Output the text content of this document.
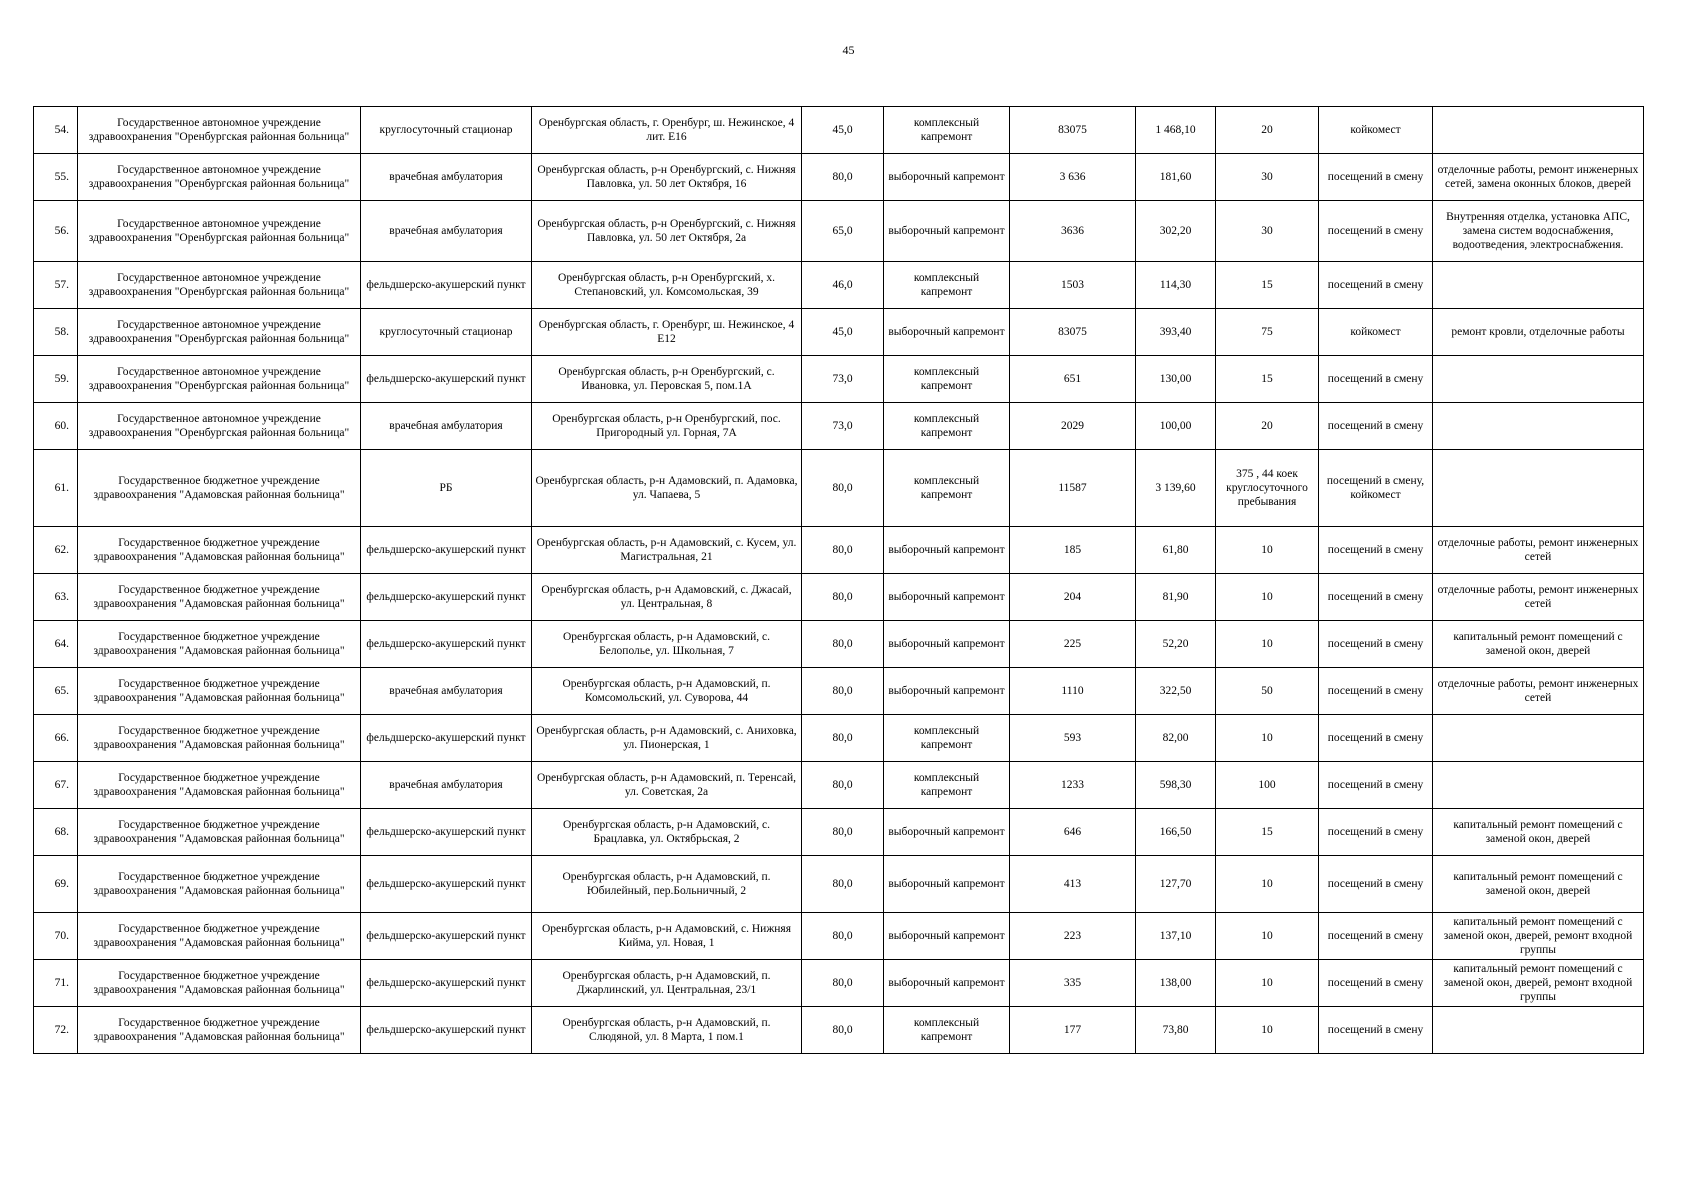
45
54.	Государственное автономное учреждение здравоохранения "Оренбургская районная больница"	круглосуточный стационар	Оренбургская область, г. Оренбург, ш. Нежинское, 4 лит. Е16	45,0	комплексный капремонт	83075	1 468,10	20	койкомест	
55.	Государственное автономное учреждение здравоохранения "Оренбургская районная больница"	врачебная амбулатория	Оренбургская область, р-н Оренбургский, с. Нижняя Павловка, ул. 50 лет Октября, 16	80,0	выборочный капремонт	3 636	181,60	30	посещений в смену	отделочные работы, ремонт инженерных сетей, замена оконных блоков, дверей
56.	Государственное автономное учреждение здравоохранения "Оренбургская районная больница"	врачебная амбулатория	Оренбургская область, р-н Оренбургский, с. Нижняя Павловка, ул. 50 лет Октября, 2а	65,0	выборочный капремонт	3636	302,20	30	посещений в смену	Внутренняя отделка, установка АПС, замена систем водоснабжения, водоотведения, электроснабжения.
57.	Государственное автономное учреждение здравоохранения "Оренбургская районная больница"	фельдшерско-акушерский пункт	Оренбургская область, р-н Оренбургский, х. Степановский, ул. Комсомольская, 39	46,0	комплексный капремонт	1503	114,30	15	посещений в смену	
58.	Государственное автономное учреждение здравоохранения "Оренбургская районная больница"	круглосуточный стационар	Оренбургская область, г. Оренбург, ш. Нежинское, 4 Е12	45,0	выборочный капремонт	83075	393,40	75	койкомест	ремонт кровли, отделочные работы
59.	Государственное автономное учреждение здравоохранения "Оренбургская районная больница"	фельдшерско-акушерский пункт	Оренбургская область, р-н Оренбургский, с. Ивановка, ул. Перовская 5, пом.1А	73,0	комплексный капремонт	651	130,00	15	посещений в смену	
60.	Государственное автономное учреждение здравоохранения "Оренбургская районная больница"	врачебная амбулатория	Оренбургская область, р-н Оренбургский, пос. Пригородный ул. Горная, 7А	73,0	комплексный капремонт	2029	100,00	20	посещений в смену	
61.	Государственное бюджетное учреждение здравоохранения "Адамовская районная больница"	РБ	Оренбургская область, р-н Адамовский, п. Адамовка, ул. Чапаева, 5	80,0	комплексный капремонт	11587	3 139,60	375 , 44 коек круглосуточного пребывания	посещений в смену, койкомест	
62.	Государственное бюджетное учреждение здравоохранения "Адамовская районная больница"	фельдшерско-акушерский пункт	Оренбургская область, р-н Адамовский, с. Кусем, ул. Магистральная, 21	80,0	выборочный капремонт	185	61,80	10	посещений в смену	отделочные работы, ремонт инженерных сетей
63.	Государственное бюджетное учреждение здравоохранения "Адамовская районная больница"	фельдшерско-акушерский пункт	Оренбургская область, р-н Адамовский, с. Джасай, ул. Центральная, 8	80,0	выборочный капремонт	204	81,90	10	посещений в смену	отделочные работы, ремонт инженерных сетей
64.	Государственное бюджетное учреждение здравоохранения "Адамовская районная больница"	фельдшерско-акушерский пункт	Оренбургская область, р-н Адамовский, с. Белополье, ул. Школьная, 7	80,0	выборочный капремонт	225	52,20	10	посещений в смену	капитальный ремонт помещений с заменой окон, дверей
65.	Государственное бюджетное учреждение здравоохранения "Адамовская районная больница"	врачебная амбулатория	Оренбургская область, р-н Адамовский, п. Комсомольский, ул. Суворова, 44	80,0	выборочный капремонт	1110	322,50	50	посещений в смену	отделочные работы, ремонт инженерных сетей
66.	Государственное бюджетное учреждение здравоохранения "Адамовская районная больница"	фельдшерско-акушерский пункт	Оренбургская область, р-н Адамовский, с. Аниховка, ул. Пионерская, 1	80,0	комплексный капремонт	593	82,00	10	посещений в смену	
67.	Государственное бюджетное учреждение здравоохранения "Адамовская районная больница"	врачебная амбулатория	Оренбургская область, р-н Адамовский, п. Теренсай, ул. Советская, 2а	80,0	комплексный капремонт	1233	598,30	100	посещений в смену	
68.	Государственное бюджетное учреждение здравоохранения "Адамовская районная больница"	фельдшерско-акушерский пункт	Оренбургская область, р-н Адамовский, с. Брацлавка, ул. Октябрьская, 2	80,0	выборочный капремонт	646	166,50	15	посещений в смену	капитальный ремонт помещений с заменой окон, дверей
69.	Государственное бюджетное учреждение здравоохранения "Адамовская районная больница"	фельдшерско-акушерский пункт	Оренбургская область, р-н Адамовский, п. Юбилейный, пер.Больничный, 2	80,0	выборочный капремонт	413	127,70	10	посещений в смену	капитальный ремонт помещений с заменой окон, дверей
70.	Государственное бюджетное учреждение здравоохранения "Адамовская районная больница"	фельдшерско-акушерский пункт	Оренбургская область, р-н Адамовский, с. Нижняя Кийма, ул. Новая, 1	80,0	выборочный капремонт	223	137,10	10	посещений в смену	капитальный ремонт помещений с заменой окон, дверей, ремонт входной группы
71.	Государственное бюджетное учреждение здравоохранения "Адамовская районная больница"	фельдшерско-акушерский пункт	Оренбургская область, р-н Адамовский, п. Джарлинский, ул. Центральная, 23/1	80,0	выборочный капремонт	335	138,00	10	посещений в смену	капитальный ремонт помещений с заменой окон, дверей, ремонт входной группы
72.	Государственное бюджетное учреждение здравоохранения "Адамовская районная больница"	фельдшерско-акушерский пункт	Оренбургская область, р-н Адамовский, п. Слюдяной, ул. 8 Марта, 1 пом.1	80,0	комплексный капремонт	177	73,80	10	посещений в смену	
